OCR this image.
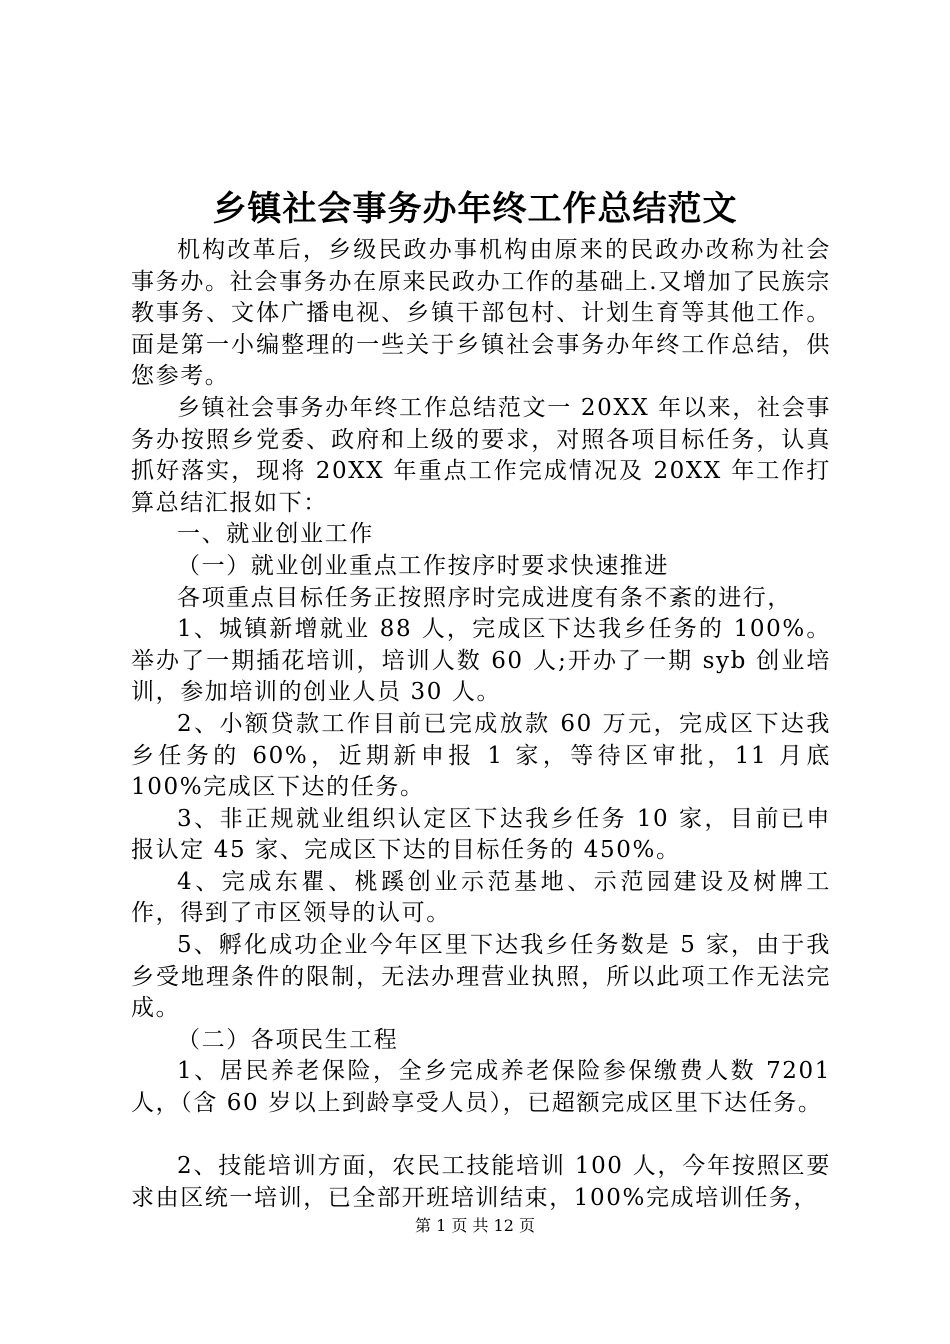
乡镇社会事务办年终工作总结范文

机构改革后，乡级民政办事机构由原来的民政办改称为社会事务办。社会事务办在原来民政办工作的基础上.又增加了民族宗教事务、文体广播电视、乡镇干部包村、计划生育等其他工作。面是第一小编整理的一些关于乡镇社会事务办年终工作总结，供您参考。

乡镇社会事务办年终工作总结范文一 20XX 年以来，社会事务办按照乡党委、政府和上级的要求，对照各项目标任务，认真抓好落实，现将 20XX 年重点工作完成情况及 20XX 年工作打算总结汇报如下：

一、就业创业工作

（一）就业创业重点工作按序时要求快速推进

各项重点目标任务正按照序时完成进度有条不紊的进行，

1、城镇新增就业 88 人，完成区下达我乡任务的 100%。举办了一期插花培训，培训人数 60 人;开办了一期 syb 创业培训，参加培训的创业人员 30 人。

2、小额贷款工作目前已完成放款 60 万元，完成区下达我乡任务的 60%，近期新申报 1 家，等待区审批，11 月底 100%完成区下达的任务。

3、非正规就业组织认定区下达我乡任务 10 家，目前已申报认定 45 家、完成区下达的目标任务的 450%。

4、完成东瞿、桃蹊创业示范基地、示范园建设及树牌工作，得到了市区领导的认可。

5、孵化成功企业今年区里下达我乡任务数是 5 家，由于我乡受地理条件的限制，无法办理营业执照，所以此项工作无法完成。

（二）各项民生工程

1、居民养老保险，全乡完成养老保险参保缴费人数 7201 人，（含 60 岁以上到龄享受人员），已超额完成区里下达任务。

2、技能培训方面，农民工技能培训 100 人，今年按照区要求由区统一培训，已全部开班培训结束，100%完成培训任务，

第 1 页 共 12 页
